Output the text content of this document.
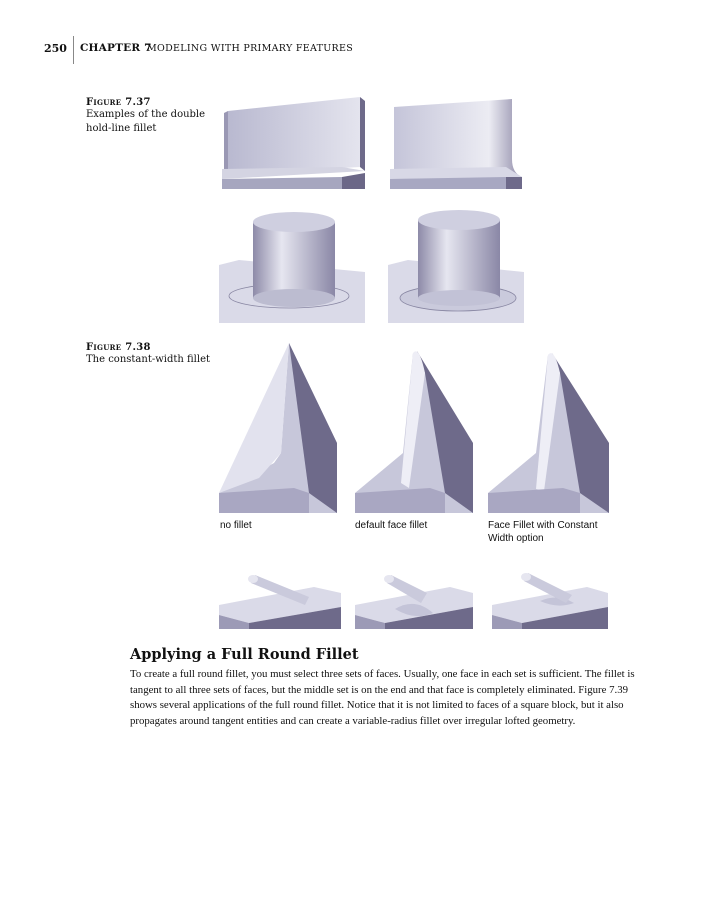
250 CHAPTER 7
MODELING WITH PRIMARY FEATURES
Figure 7.37
Examples of the double
hold-line fillet
Figure 7.38
The constant-width fillet
no fillet	default face fillet	Face Fillet with Constant
Width option
Applying a Full Round Fillet
To create a full round fillet, you must select three sets of faces. Usually, one face in each set is sufficient. The fillet is tangent to all three sets of faces, but the middle set is on the end and that face is completely eliminated. Figure 7.39 shows several applications of the full round fillet. Notice that it is not limited to faces of a square block, but it also propagates around tangent entities and can create a variable-radius fillet over irregular lofted geometry.
